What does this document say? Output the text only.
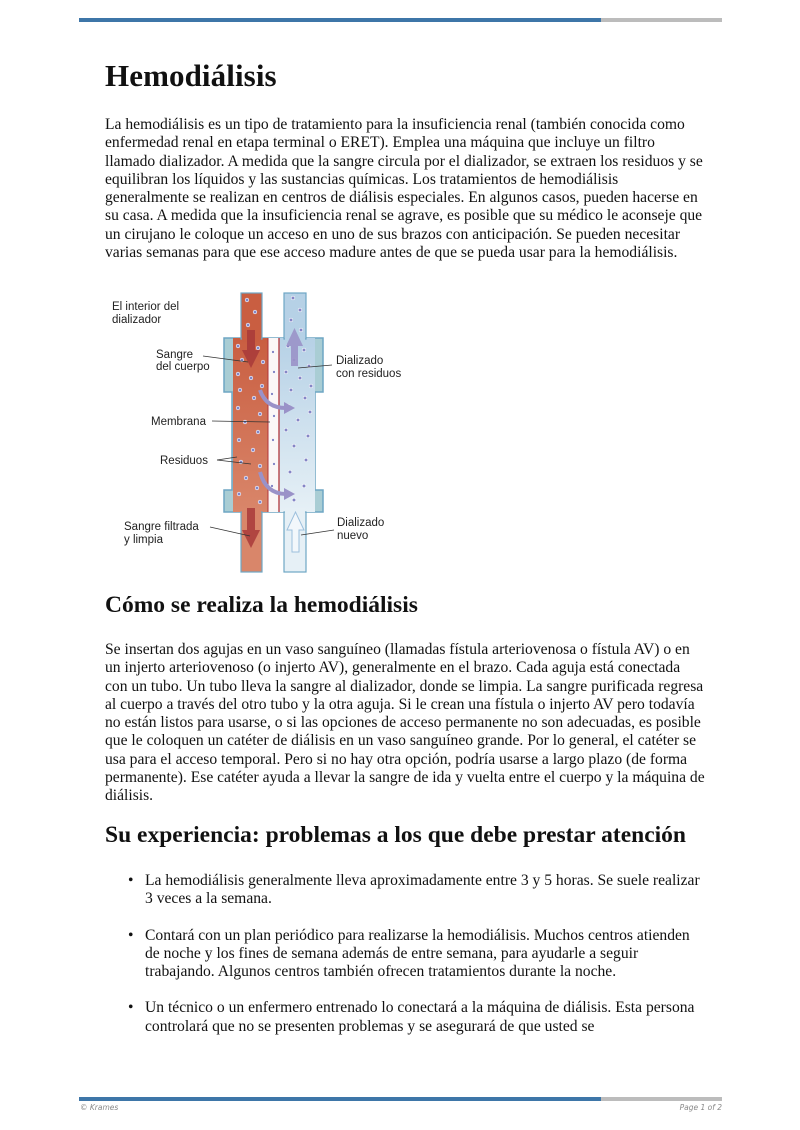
Hemodiálisis

La hemodiálisis es un tipo de tratamiento para la insuficiencia renal (también conocida como enfermedad renal en etapa terminal o ERET). Emplea una máquina que incluye un filtro llamado dializador. A medida que la sangre circula por el dializador, se extraen los residuos y se equilibran los líquidos y las sustancias químicas. Los tratamientos de hemodiálisis generalmente se realizan en centros de diálisis especiales. En algunos casos, pueden hacerse en su casa. A medida que la insuficiencia renal se agrave, es posible que su médico le aconseje que un cirujano le coloque un acceso en uno de sus brazos con anticipación. Se pueden necesitar varias semanas para que ese acceso madure antes de que se pueda usar para la hemodiálisis.

El interior del
dializador
Sangre
del cuerpo	Dializado
con residuos
Membrana
Residuos
Sangre filtrada
y limpia
Dializado
nuevo
Cómo se realiza la hemodiálisis

Se insertan dos agujas en un vaso sanguíneo (llamadas fístula arteriovenosa o fístula AV) o en un injerto arteriovenoso (o injerto AV), generalmente en el brazo. Cada aguja está conectada con un tubo. Un tubo lleva la sangre al dializador, donde se limpia. La sangre purificada regresa al cuerpo a través del otro tubo y la otra aguja. Si le crean una fístula o injerto AV pero todavía no están listos para usarse, o si las opciones de acceso permanente no son adecuadas, es posible que le coloquen un catéter de diálisis en un vaso sanguíneo grande. Por lo general, el catéter se usa para el acceso temporal. Pero si no hay otra opción, podría usarse a largo plazo (de forma permanente). Ese catéter ayuda a llevar la sangre de ida y vuelta entre el cuerpo y la máquina de diálisis.

Su experiencia: problemas a los que debe prestar atención
• La hemodiálisis generalmente lleva aproximadamente entre 3 y 5 horas. Se suele realizar 3 veces a la semana.
• Contará con un plan periódico para realizarse la hemodiálisis. Muchos centros atienden de noche y los fines de semana además de entre semana, para ayudarle a seguir trabajando. Algunos centros también ofrecen tratamientos durante la noche.
• Un técnico o un enfermero entrenado lo conectará a la máquina de diálisis. Esta persona controlará que no se presenten problemas y se asegurará de que usted se
© Krames	Page 1 of 2
